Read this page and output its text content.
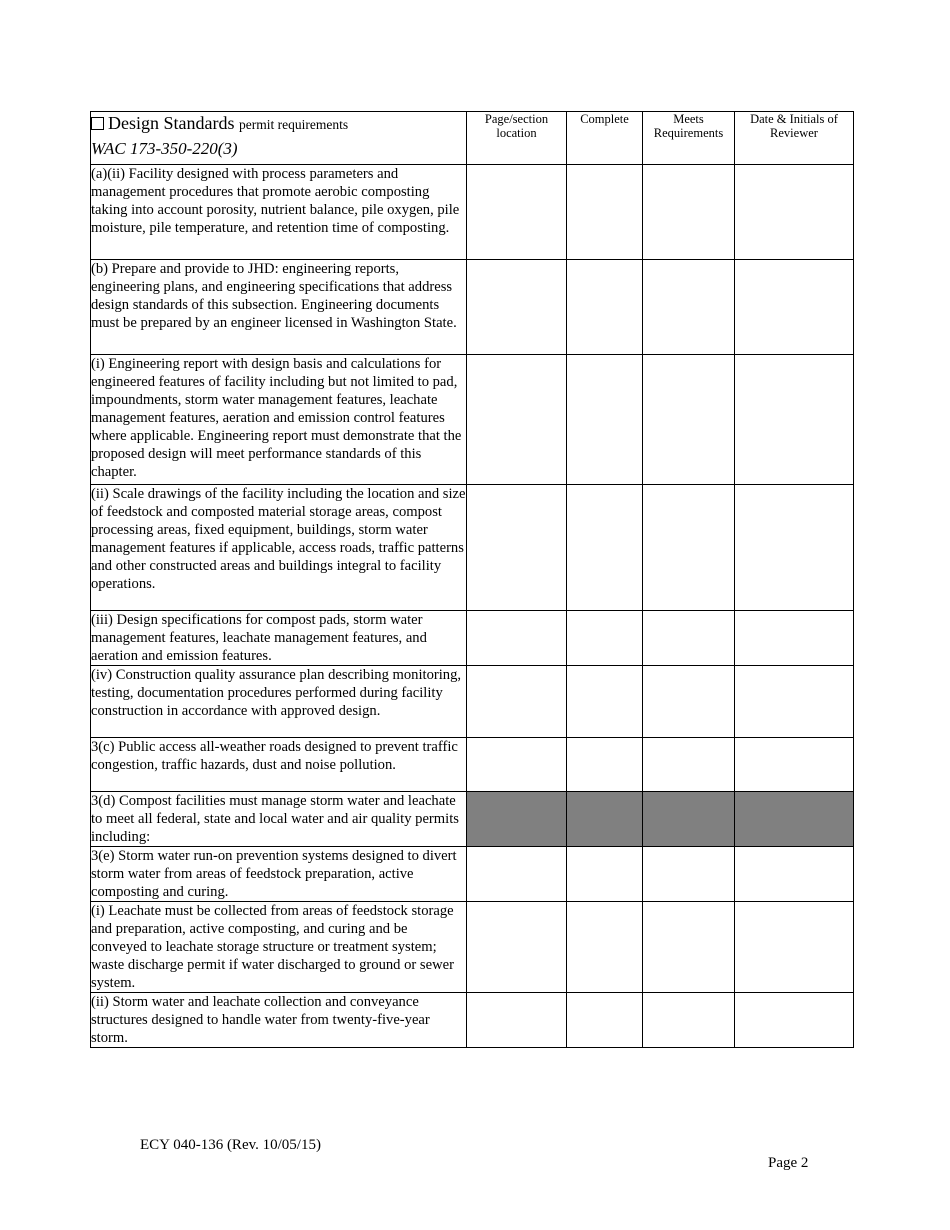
Design Standards permit requirements
WAC 173-350-220(3)	Page/section location	Complete	Meets Requirements	Date & Initials of Reviewer
(a)(ii) Facility designed with process parameters and management procedures that promote aerobic composting taking into account porosity, nutrient balance, pile oxygen, pile moisture, pile temperature, and retention time of composting.				
(b) Prepare and provide to JHD: engineering reports, engineering plans, and engineering specifications that address design standards of this subsection. Engineering documents must be prepared by an engineer licensed in Washington State.				
(i) Engineering report with design basis and calculations for engineered features of facility including but not limited to pad, impoundments, storm water management features, leachate management features, aeration and emission control features where applicable. Engineering report must demonstrate that the proposed design will meet performance standards of this chapter.				
(ii) Scale drawings of the facility including the location and size of feedstock and composted material storage areas, compost processing areas, fixed equipment, buildings, storm water management features if applicable, access roads, traffic patterns and other constructed areas and buildings integral to facility operations.				
(iii) Design specifications for compost pads, storm water management features, leachate management features, and aeration and emission features.				
(iv) Construction quality assurance plan describing monitoring, testing, documentation procedures performed during facility construction in accordance with approved design.				
3(c) Public access all-weather roads designed to prevent traffic congestion, traffic hazards, dust and noise pollution.				
3(d) Compost facilities must manage storm water and leachate to meet all federal, state and local water and air quality permits including:				
3(e) Storm water run-on prevention systems designed to divert storm water from areas of feedstock preparation, active composting and curing.				
(i) Leachate must be collected from areas of feedstock storage and preparation, active composting, and curing and be conveyed to leachate storage structure or treatment system; waste discharge permit if water discharged to ground or sewer system.				
(ii) Storm water and leachate collection and conveyance structures designed to handle water from twenty-five-year storm.				
ECY 040-136 (Rev. 10/05/15)
Page 2
